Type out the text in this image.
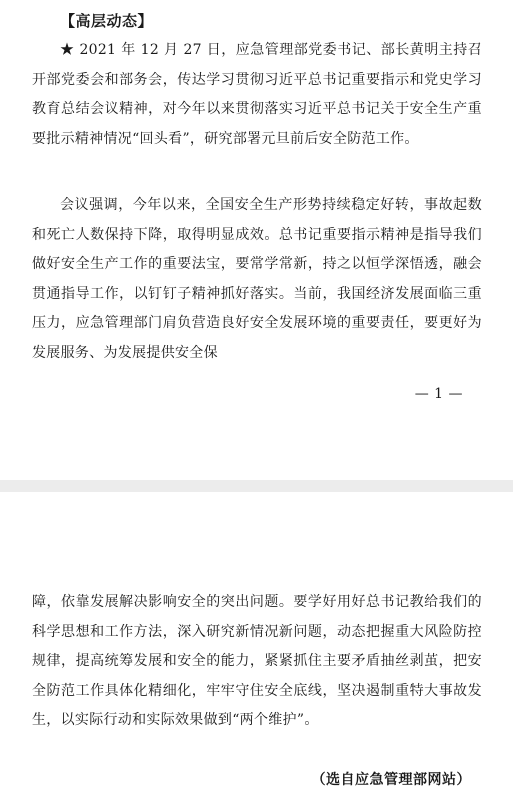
【高层动态】

★ 2021 年 12 月 27 日，应急管理部党委书记、部长黄明主持召开部党委会和部务会，传达学习贯彻习近平总书记重要指示和党史学习教育总结会议精神，对今年以来贯彻落实习近平总书记关于安全生产重要批示精神情况“回头看”，研究部署元旦前后安全防范工作。

会议强调，今年以来，全国安全生产形势持续稳定好转，事故起数和死亡人数保持下降，取得明显成效。总书记重要指示精神是指导我们做好安全生产工作的重要法宝，要常学常新，持之以恒学深悟透，融会贯通指导工作，以钉钉子精神抓好落实。当前，我国经济发展面临三重压力，应急管理部门肩负营造良好安全发展环境的重要责任，要更好为发展服务、为发展提供安全保

— 1 —

障，依靠发展解决影响安全的突出问题。要学好用好总书记教给我们的科学思想和工作方法，深入研究新情况新问题，动态把握重大风险防控规律，提高统筹发展和安全的能力，紧紧抓住主要矛盾抽丝剥茧，把安全防范工作具体化精细化，牢牢守住安全底线，坚决遏制重特大事故发生，以实际行动和实际效果做到“两个维护”。

（选自应急管理部网站）
